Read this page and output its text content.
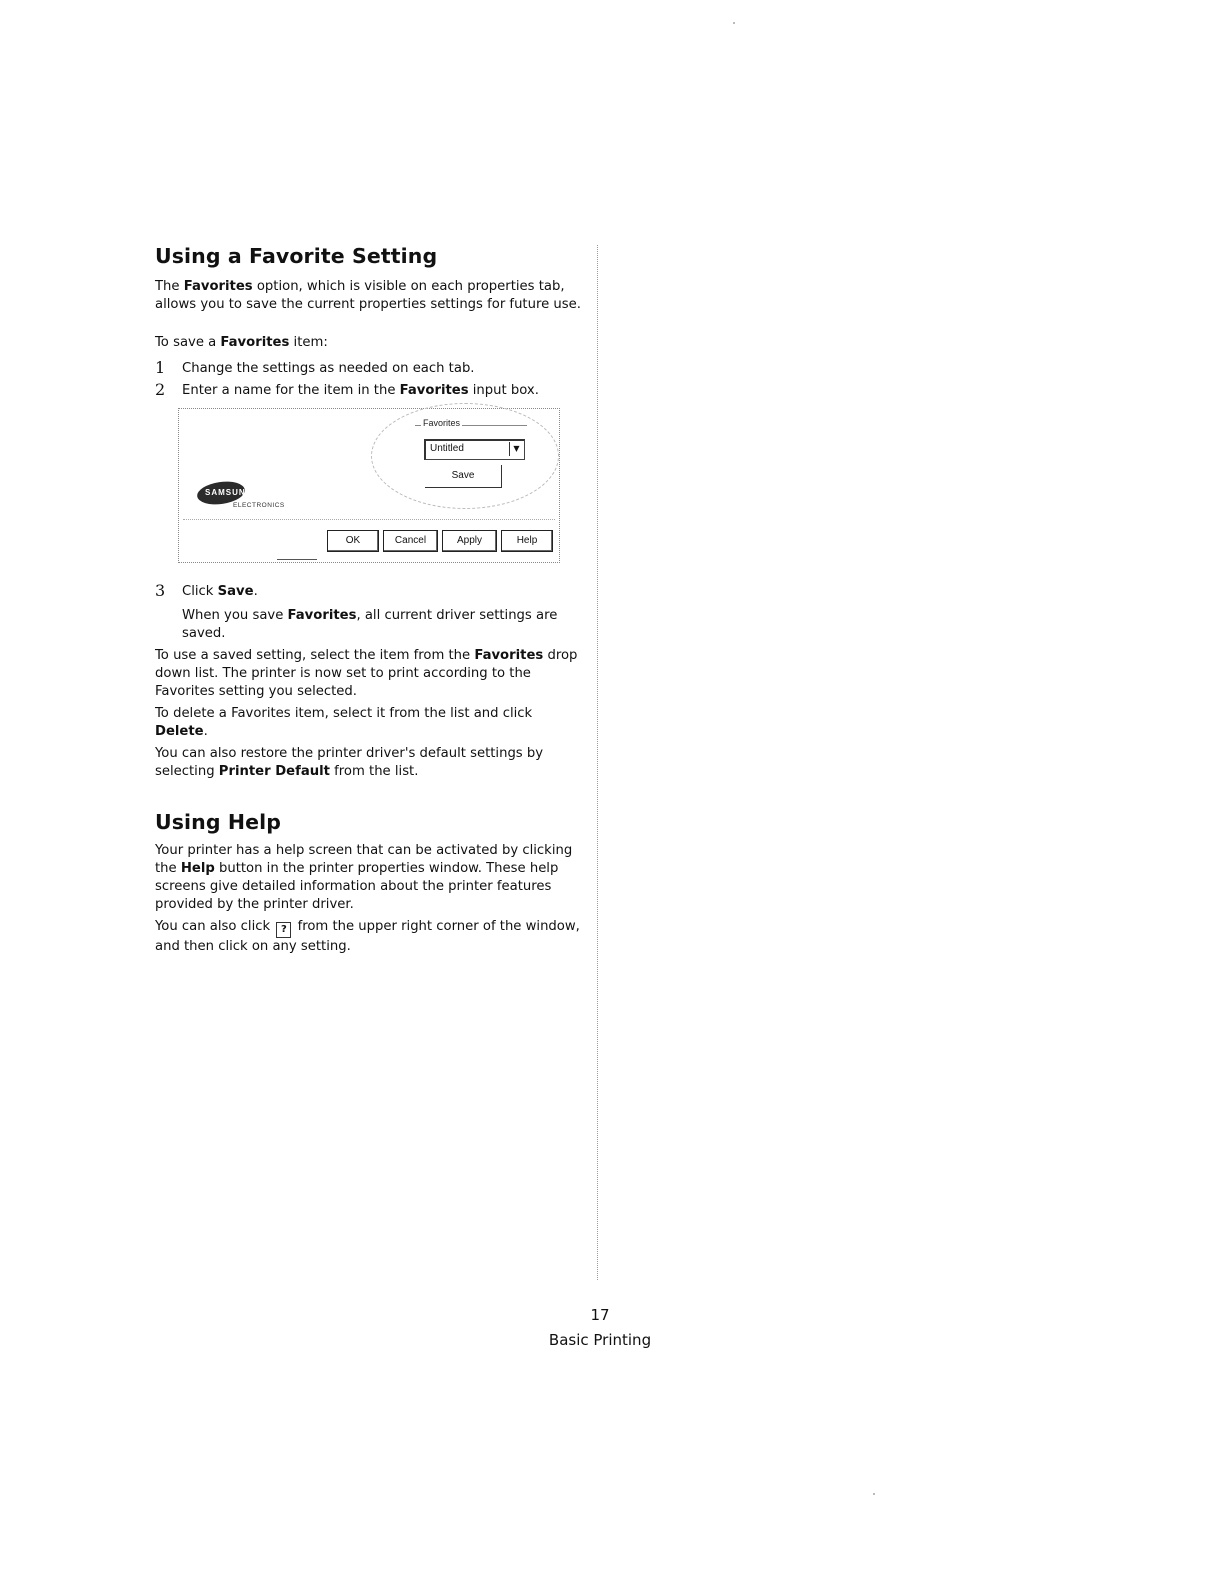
Using a Favorite Setting

The Favorites option, which is visible on each properties tab, allows you to save the current properties settings for future use.

To save a Favorites item:

1 Change the settings as needed on each tab.
2 Enter a name for the item in the Favorites input box.
Favorites
Untitled	▼
Save
SAMSUNG
ELECTRONICS
OK	Cancel	Apply	Help
3 Click Save.

When you save Favorites, all current driver settings are saved.

To use a saved setting, select the item from the Favorites drop down list. The printer is now set to print according to the Favorites setting you selected.

To delete a Favorites item, select it from the list and click Delete.

You can also restore the printer driver's default settings by selecting Printer Default from the list.

Using Help

Your printer has a help screen that can be activated by clicking the Help button in the printer properties window. These help screens give detailed information about the printer features provided by the printer driver.

You can also click ? from the upper right corner of the window, and then click on any setting.

17
Basic Printing
